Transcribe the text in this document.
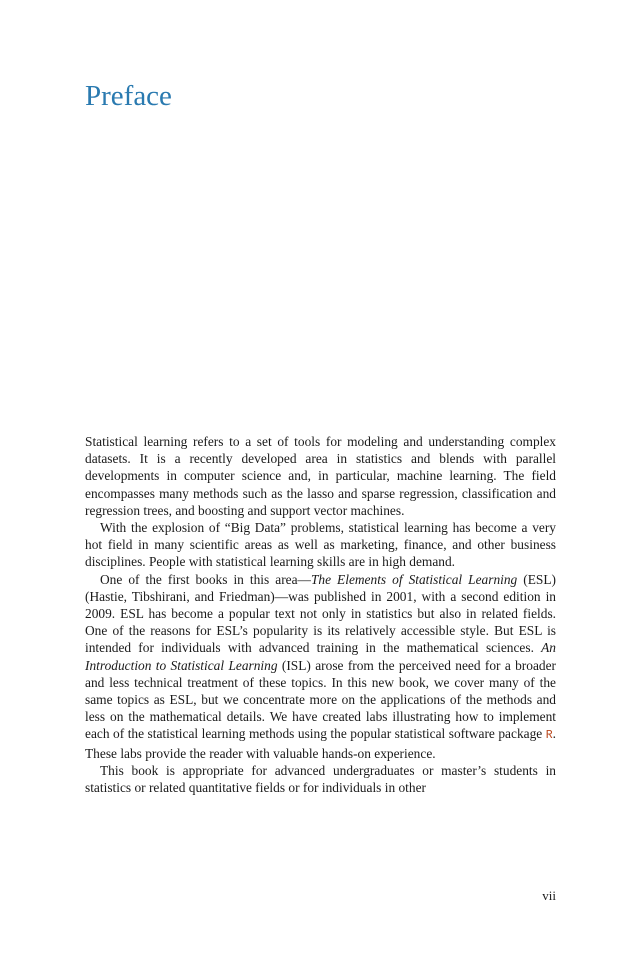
Preface

Statistical learning refers to a set of tools for modeling and understanding complex datasets. It is a recently developed area in statistics and blends with parallel developments in computer science and, in particular, machine learning. The field encompasses many methods such as the lasso and sparse regression, classification and regression trees, and boosting and support vector machines.

With the explosion of “Big Data” problems, statistical learning has become a very hot field in many scientific areas as well as marketing, finance, and other business disciplines. People with statistical learning skills are in high demand.

One of the first books in this area—The Elements of Statistical Learning (ESL) (Hastie, Tibshirani, and Friedman)—was published in 2001, with a second edition in 2009. ESL has become a popular text not only in statistics but also in related fields. One of the reasons for ESL’s popularity is its relatively accessible style. But ESL is intended for individuals with advanced training in the mathematical sciences. An Introduction to Statistical Learning (ISL) arose from the perceived need for a broader and less technical treatment of these topics. In this new book, we cover many of the same topics as ESL, but we concentrate more on the applications of the methods and less on the mathematical details. We have created labs illustrating how to implement each of the statistical learning methods using the popular statistical software package R. These labs provide the reader with valuable hands-on experience.

This book is appropriate for advanced undergraduates or master’s students in statistics or related quantitative fields or for individuals in other

vii
